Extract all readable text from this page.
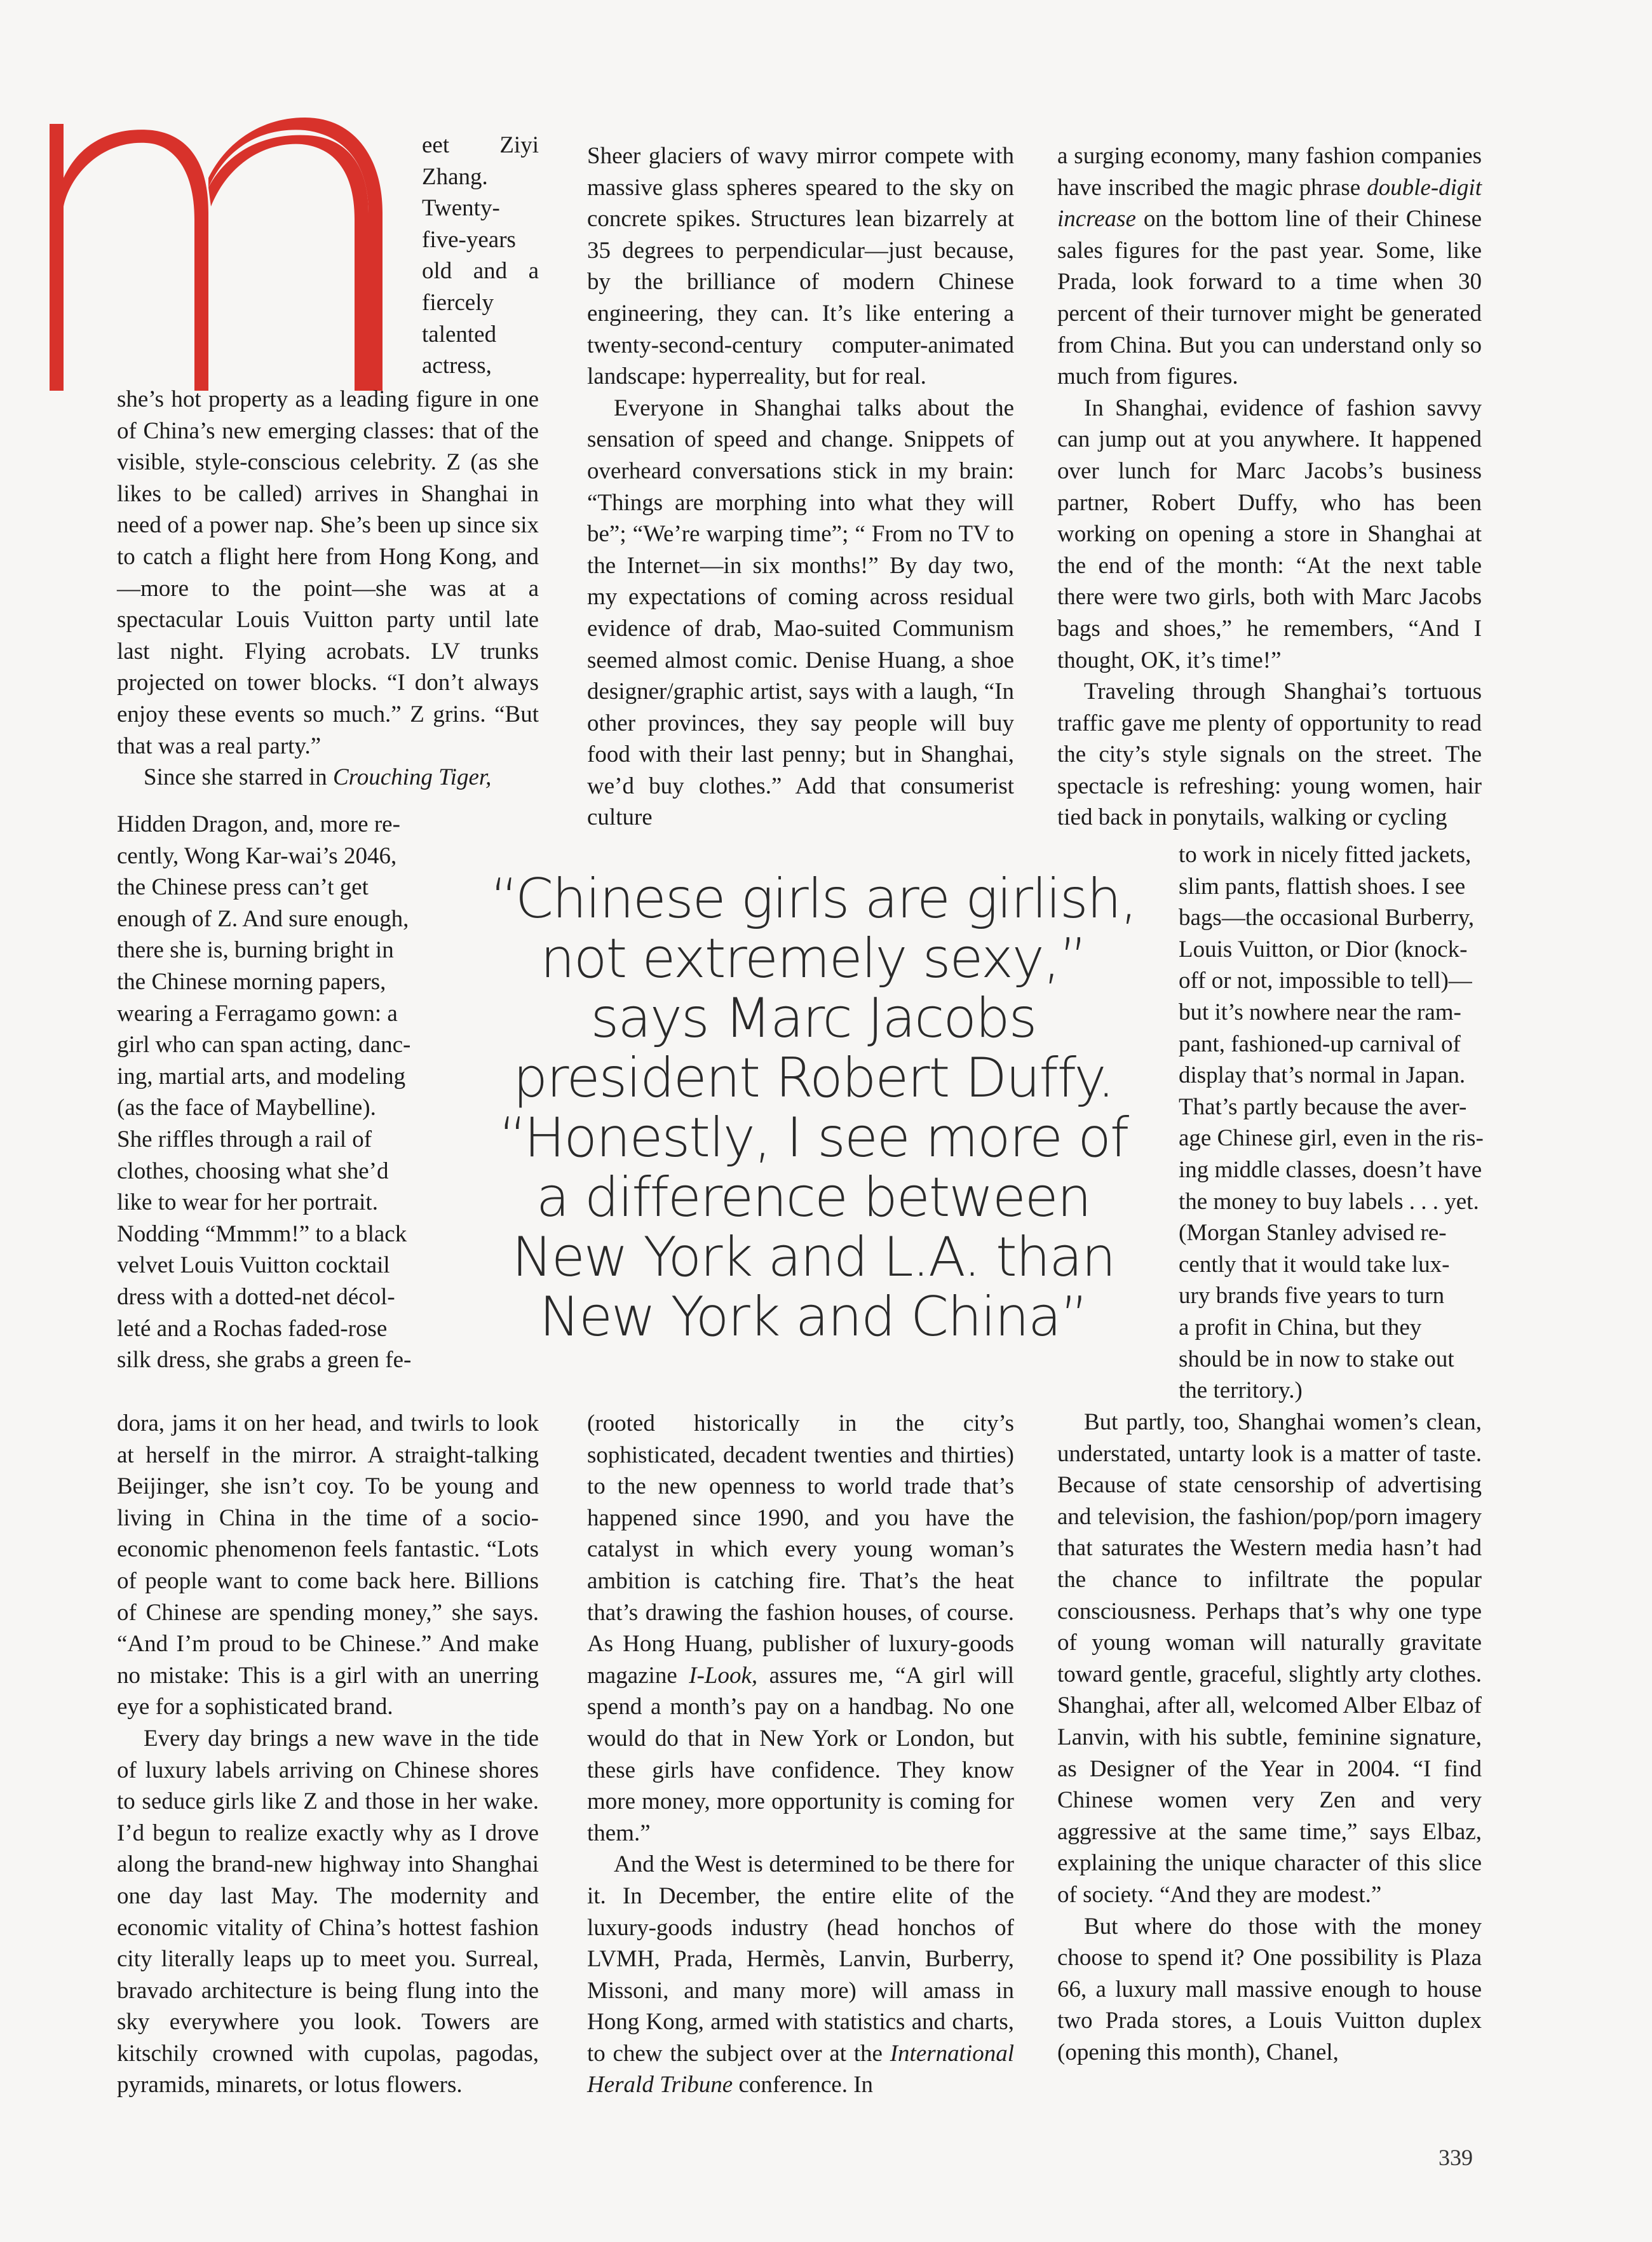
eet Ziyi
Zhang.
Twenty-
five-years
old and a
fiercely
talented
actress,

she’s hot property as a leading figure in one of China’s new emerging classes: that of the visible, style-conscious celebrity. Z (as she likes to be called) arrives in Shanghai in need of a power nap. She’s been up since six to catch a flight here from Hong Kong, and—more to the point—she was at a spectacular Louis Vuitton party until late last night. Flying acrobats. LV trunks projected on tower blocks. “I don’t always enjoy these events so much.” Z grins. “But that was a real party.”

Since she starred in Crouching Tiger,

Hidden Dragon, and, more re-
cently, Wong Kar-wai’s 2046,
the Chinese press can’t get
enough of Z. And sure enough,
there she is, burning bright in
the Chinese morning papers,
wearing a Ferragamo gown: a
girl who can span acting, danc-
ing, martial arts, and modeling
(as the face of Maybelline).
She riffles through a rail of
clothes, choosing what she’d
like to wear for her portrait.
Nodding “Mmmm!” to a black
velvet Louis Vuitton cocktail
dress with a dotted-net décol-
leté and a Rochas faded-rose
silk dress, she grabs a green fe-

dora, jams it on her head, and twirls to look at herself in the mirror. A straight-talking Beijinger, she isn’t coy. To be young and living in China in the time of a socio-economic phenomenon feels fantastic. “Lots of people want to come back here. Billions of Chinese are spending money,” she says. “And I’m proud to be Chinese.” And make no mistake: This is a girl with an unerring eye for a sophisticated brand.

Every day brings a new wave in the tide of luxury labels arriving on Chinese shores to seduce girls like Z and those in her wake. I’d begun to realize exactly why as I drove along the brand-new highway into Shanghai one day last May. The modernity and economic vitality of China’s hottest fashion city literally leaps up to meet you. Surreal, bravado architecture is being flung into the sky everywhere you look. Towers are kitschily crowned with cupolas, pagodas, pyramids, minarets, or lotus flowers.

Sheer glaciers of wavy mirror compete with massive glass spheres speared to the sky on concrete spikes. Structures lean bizarrely at 35 degrees to perpendicular—just because, by the brilliance of modern Chinese engineering, they can. It’s like entering a twenty-second-century computer-animated landscape: hyperreality, but for real.

Everyone in Shanghai talks about the sensation of speed and change. Snippets of overheard conversations stick in my brain: “Things are morphing into what they will be”; “We’re warping time”; “ From no TV to the Internet—in six months!” By day two, my expectations of coming across residual evidence of drab, Mao-suited Communism seemed almost comic. Denise Huang, a shoe designer/graphic artist, says with a laugh, “In other provinces, they say people will buy food with their last penny; but in Shanghai, we’d buy clothes.” Add that consumerist culture

“Chinese girls are girlish,
not extremely sexy,”
says Marc Jacobs
president Robert Duffy.
“Honestly, I see more of
a difference between
New York and L.A. than
New York and China”

(rooted historically in the city’s sophisticated, decadent twenties and thirties) to the new openness to world trade that’s happened since 1990, and you have the catalyst in which every young woman’s ambition is catching fire. That’s the heat that’s drawing the fashion houses, of course. As Hong Huang, publisher of luxury-goods magazine I-Look, assures me, “A girl will spend a month’s pay on a handbag. No one would do that in New York or London, but these girls have confidence. They know more money, more opportunity is coming for them.”

And the West is determined to be there for it. In December, the entire elite of the luxury-goods industry (head honchos of LVMH, Prada, Hermès, Lanvin, Burberry, Missoni, and many more) will amass in Hong Kong, armed with statistics and charts, to chew the subject over at the International Herald Tribune conference. In

a surging economy, many fashion companies have inscribed the magic phrase double-digit increase on the bottom line of their Chinese sales figures for the past year. Some, like Prada, look forward to a time when 30 percent of their turnover might be generated from China. But you can understand only so much from figures.

In Shanghai, evidence of fashion savvy can jump out at you anywhere. It happened over lunch for Marc Jacobs’s business partner, Robert Duffy, who has been working on opening a store in Shanghai at the end of the month: “At the next table there were two girls, both with Marc Jacobs bags and shoes,” he remembers, “And I thought, OK, it’s time!”

Traveling through Shanghai’s tortuous traffic gave me plenty of opportunity to read the city’s style signals on the street. The spectacle is refreshing: young women, hair tied back in ponytails, walking or cycling

to work in nicely fitted jackets,
slim pants, flattish shoes. I see
bags—the occasional Burberry,
Louis Vuitton, or Dior (knock-
off or not, impossible to tell)—
but it’s nowhere near the ram-
pant, fashioned-up carnival of
display that’s normal in Japan.
That’s partly because the aver-
age Chinese girl, even in the ris-
ing middle classes, doesn’t have
the money to buy labels . . . yet.
(Morgan Stanley advised re-
cently that it would take lux-
ury brands five years to turn
a profit in China, but they
should be in now to stake out
the territory.)

But partly, too, Shanghai women’s clean, understated, untarty look is a matter of taste. Because of state censorship of advertising and television, the fashion/pop/porn imagery that saturates the Western media hasn’t had the chance to infiltrate the popular consciousness. Perhaps that’s why one type of young woman will naturally gravitate toward gentle, graceful, slightly arty clothes. Shanghai, after all, welcomed Alber Elbaz of Lanvin, with his subtle, feminine signature, as Designer of the Year in 2004. “I find Chinese women very Zen and very aggressive at the same time,” says Elbaz, explaining the unique character of this slice of society. “And they are modest.”

But where do those with the money choose to spend it? One possibility is Plaza 66, a luxury mall massive enough to house two Prada stores, a Louis Vuitton duplex (opening this month), Chanel,

339
